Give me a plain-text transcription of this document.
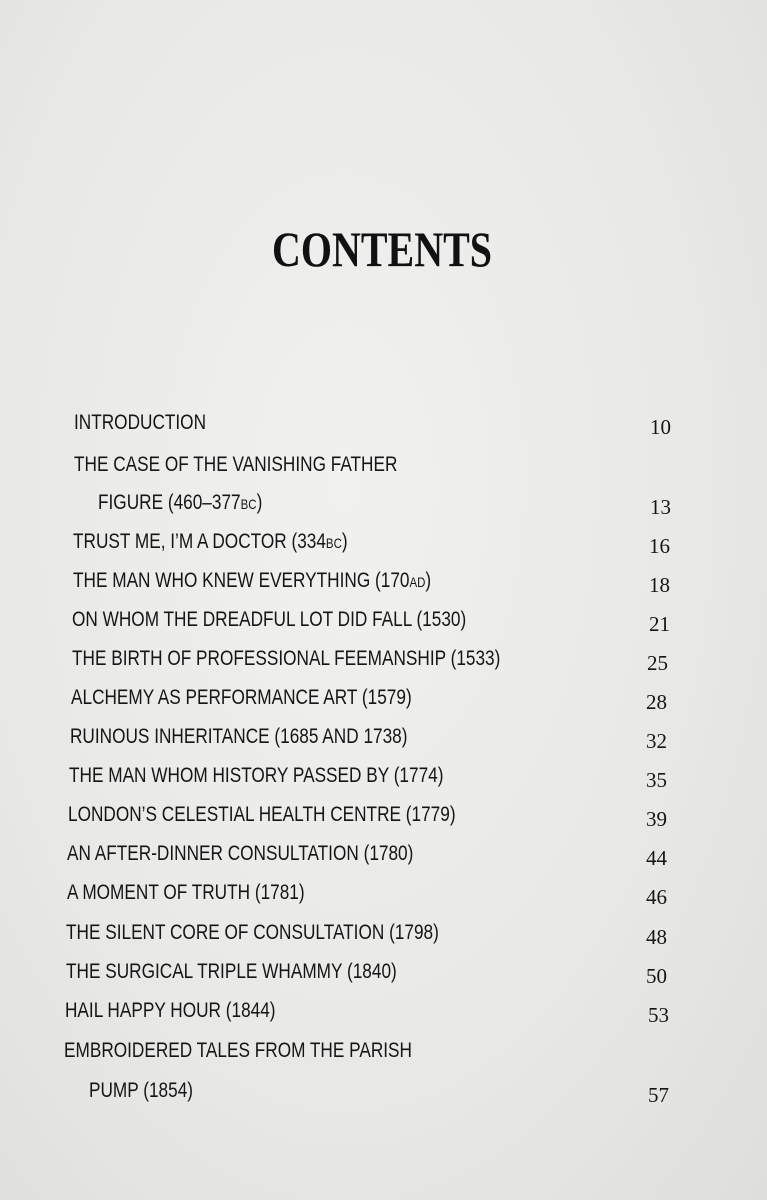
CONTENTS
INTRODUCTION	10
THE CASE OF THE VANISHING FATHER
FIGURE (460–377BC)	13
TRUST ME, I’M A DOCTOR (334BC)	16
THE MAN WHO KNEW EVERYTHING (170AD)	18
ON WHOM THE DREADFUL LOT DID FALL (1530)	21
THE BIRTH OF PROFESSIONAL FEEMANSHIP (1533)	25
ALCHEMY AS PERFORMANCE ART (1579)	28
RUINOUS INHERITANCE (1685 AND 1738)	32
THE MAN WHOM HISTORY PASSED BY (1774)	35
LONDON’S CELESTIAL HEALTH CENTRE (1779)	39
AN AFTER-DINNER CONSULTATION (1780)	44
A MOMENT OF TRUTH (1781)	46
THE SILENT CORE OF CONSULTATION (1798)	48
THE SURGICAL TRIPLE WHAMMY (1840)	50
HAIL HAPPY HOUR (1844)	53
EMBROIDERED TALES FROM THE PARISH
PUMP (1854)	57
